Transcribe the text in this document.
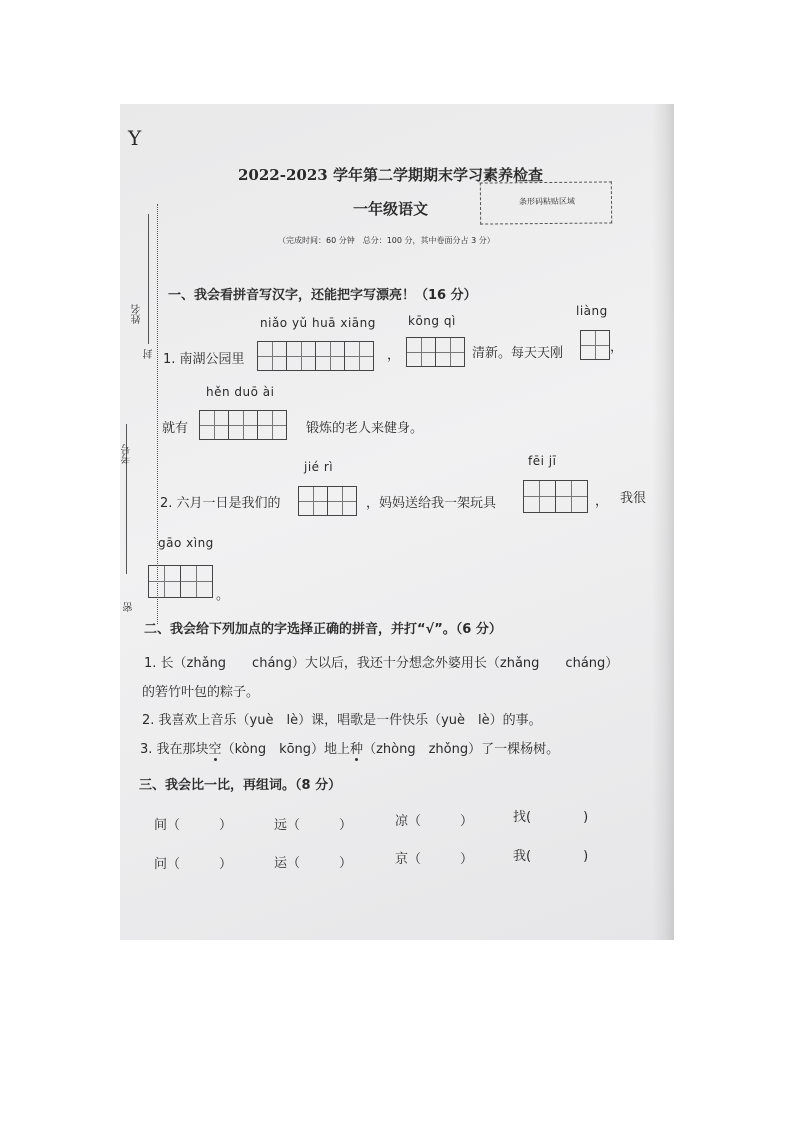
Y
姓名
封
考号
密
2022-2023 学年第二学期期末学习素养检查
一年级语文	条形码粘贴区域
（完成时间：60 分钟　总分：100 分，其中卷面分占 3 分）
一、我会看拼音写汉字，还能把字写漂亮！（16 分）
niǎo yǔ huā xiāng	kōng qì
liàng
1. 南湖公园里	，	清新。每天天刚	，
hěn duō ài
就有	锻炼的老人来健身。
jié rì	fēi jī
2. 六月一日是我们的	，妈妈送给我一架玩具	， 我很
gāo xìng
。
二、我会给下列加点的字选择正确的拼音，并打“√”。（6 分）
1. 长（zhǎng　　cháng）大以后，我还十分想念外婆用长（zhǎng　　cháng）
的箬竹叶包的粽子。
2. 我喜欢上音乐（yuè　lè）课，唱歌是一件快乐（yuè　lè）的事。
3. 我在那块空（kòng　kōng）地上种（zhòng　zhǒng）了一棵杨树。
三、我会比一比，再组词。（8 分）
间（　　　）	远（　　　）	凉（　　　）	找(　　　　)
问（　　　）	运（　　　）	京（　　　）	我(　　　　)
